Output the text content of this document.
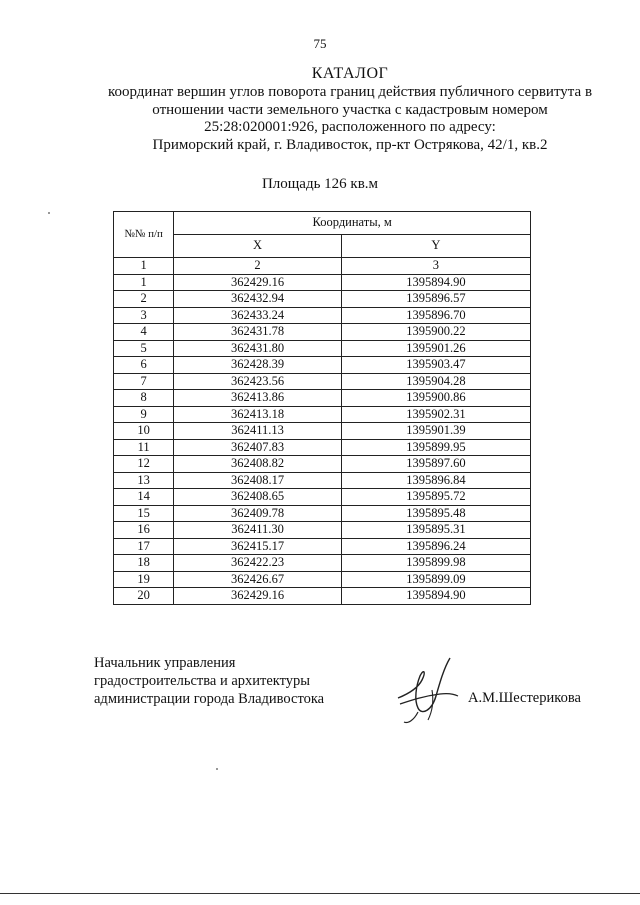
75
КАТАЛОГ
координат вершин углов поворота границ действия публичного сервитута в
отношении части земельного участка с кадастровым номером
25:28:020001:926, расположенного по адресу:
Приморский край, г. Владивосток, пр-кт Острякова, 42/1, кв.2
Площадь 126 кв.м
№№ п/п	Координаты, м	
	X	Y
1	2	3
1	362429.16	1395894.90
2	362432.94	1395896.57
3	362433.24	1395896.70
4	362431.78	1395900.22
5	362431.80	1395901.26
6	362428.39	1395903.47
7	362423.56	1395904.28
8	362413.86	1395900.86
9	362413.18	1395902.31
10	362411.13	1395901.39
11	362407.83	1395899.95
12	362408.82	1395897.60
13	362408.17	1395896.84
14	362408.65	1395895.72
15	362409.78	1395895.48
16	362411.30	1395895.31
17	362415.17	1395896.24
18	362422.23	1395899.98
19	362426.67	1395899.09
20	362429.16	1395894.90
Начальник управления
градостроительства и архитектуры
администрации города Владивостока	А.М.Шестерикова
